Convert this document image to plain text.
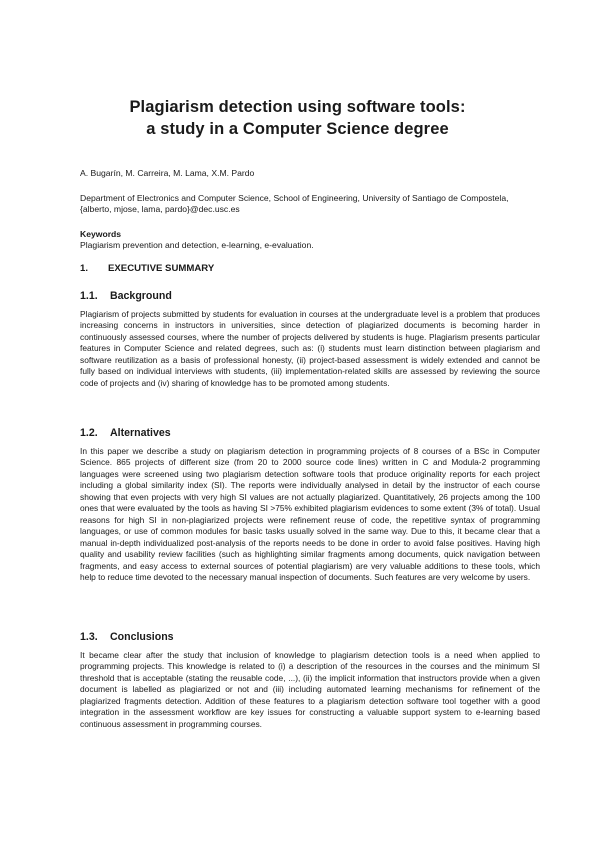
Plagiarism detection using software tools:
a study in a Computer Science degree
A. Bugarín, M. Carreira, M. Lama, X.M. Pardo
Department of Electronics and Computer Science, School of Engineering, University of Santiago de Compostela, {alberto, mjose, lama, pardo}@dec.usc.es
Keywords
Plagiarism prevention and detection, e-learning, e-evaluation.
1. EXECUTIVE SUMMARY
1.1. Background
Plagiarism of projects submitted by students for evaluation in courses at the undergraduate level is a problem that produces increasing concerns in instructors in universities, since detection of plagiarized documents is becoming harder in continuously assessed courses, where the number of projects delivered by students is huge. Plagiarism presents particular features in Computer Science and related degrees, such as: (i) students must learn distinction between plagiarism and software reutilization as a basis of professional honesty, (ii) project-based assessment is widely extended and cannot be fully based on individual interviews with students, (iii) implementation-related skills are assessed by reviewing the source code of projects and (iv) sharing of knowledge has to be promoted among students.
1.2. Alternatives
In this paper we describe a study on plagiarism detection in programming projects of 8 courses of a BSc in Computer Science. 865 projects of different size (from 20 to 2000 source code lines) written in C and Modula-2 programming languages were screened using two plagiarism detection software tools that produce originality reports for each project including a global similarity index (SI). The reports were individually analysed in detail by the instructor of each course showing that even projects with very high SI values are not actually plagiarized. Quantitatively, 26 projects among the 100 ones that were evaluated by the tools as having SI >75% exhibited plagiarism evidences to some extent (3% of total). Usual reasons for high SI in non-plagiarized projects were refinement reuse of code, the repetitive syntax of programming languages, or use of common modules for basic tasks usually solved in the same way. Due to this, it became clear that a manual in-depth individualized post-analysis of the reports needs to be done in order to avoid false positives. Having high quality and usability review facilities (such as highlighting similar fragments among documents, quick navigation between fragments, and easy access to external sources of potential plagiarism) are very valuable additions to these tools, which help to reduce time devoted to the necessary manual inspection of documents. Such features are very welcome by users.
1.3. Conclusions
It became clear after the study that inclusion of knowledge to plagiarism detection tools is a need when applied to programming projects. This knowledge is related to (i) a description of the resources in the courses and the minimum SI threshold that is acceptable (stating the reusable code, ...), (ii) the implicit information that instructors provide when a given document is labelled as plagiarized or not and (iii) including automated learning mechanisms for refinement of the plagiarized fragments detection. Addition of these features to a plagiarism detection software tool together with a good integration in the assessment workflow are key issues for constructing a valuable support system to e-learning based continuous assessment in programming courses.
